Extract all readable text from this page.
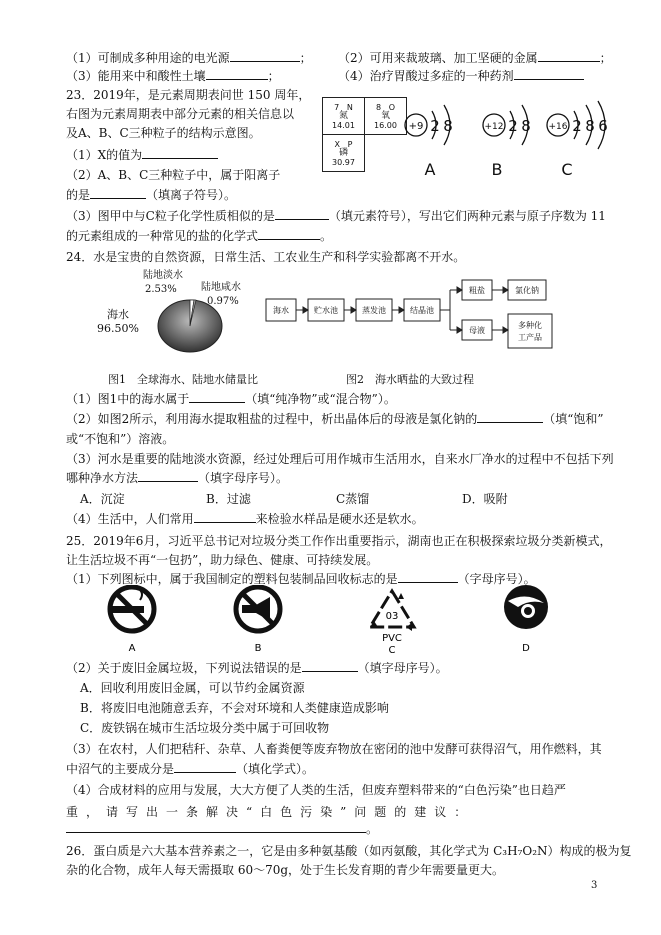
（1）可制成多种用途的电光源	； （2）可用来裁玻璃、加工坚硬的金属	；
（3）能用来中和酸性土壤	；	（4）治疗胃酸过多症的一种药剂
23．2019年，是元素周期表问世 150 周年，
右图为元素周期表中部分元素的相关信息以
及A、B、C三种粒子的结构示意图。
（1）X的值为
（2）A、B、C三种粒子中，属于阳离子
的是	（填离子符号）。
（3）图甲中与C粒子化学性质相似的是	（填元素符号），写出它们两种元素与原子序数为 11
的元素组成的一种常见的盐的化学式	。
7 N
氮
14.01
8 O
氧
16.00
X P
磷
30.97
+9 2 8
A
+12 2 8
B
+16 2 8 6
C
24．水是宝贵的自然资源，日常生活、工农业生产和科学实验都离不开水。
陆地淡水
2.53% 陆地咸水
0.97%
海水
96.50%
海水	贮水池	蒸发池	结晶池
粗盐	氯化钠
母液
多种化
工产品
图1　全球海水、陆地水储量比	图2　海水晒盐的大致过程
（1）图1中的海水属于	（填“纯净物”或“混合物”）。
（2）如图2所示，利用海水提取粗盐的过程中，析出晶体后的母液是氯化钠的	（填“饱和”
或“不饱和”）溶液。
（3）河水是重要的陆地淡水资源，经过处理后可用作城市生活用水，自来水厂净水的过程中不包括下列
哪种净水方法	（填字母序号）。
A．沉淀	B．过滤	C蒸馏	D．吸附
（4）生活中，人们常用	来检验水样品是硬水还是软水。
25．2019年6月，习近平总书记对垃圾分类工作作出重要指示，湖南也正在积极探索垃圾分类新模式，
让生活垃圾不再“一包扔”，助力绿色、健康、可持续发展。
（1）下列图标中，属于我国制定的塑料包装制品回收标志的是	（字母序号）。
A	B
03
PVC
C	D
（2）关于废旧金属垃圾，下列说法错误的是	（填字母序号）。
A．回收利用废旧金属，可以节约金属资源
B．将废旧电池随意丢弃，不会对环境和人类健康造成影响
C．废铁锅在城市生活垃圾分类中属于可回收物
（3）在农村，人们把秸秆、杂草、人畜粪便等废弃物放在密闭的池中发酵可获得沼气，用作燃料，其
中沼气的主要成分是	（填化学式）。
（4）合成材料的应用与发展，大大方便了人类的生活，但废弃塑料带来的“白色污染”也日趋严
重，请写出一条解决“白色污染”问题的建议：
。
26．蛋白质是六大基本营养素之一，它是由多种氨基酸（如丙氨酸，其化学式为 C₃H₇O₂N）构成的极为复
杂的化合物，成年人每天需摄取 60～70g，处于生长发育期的青少年需要量更大。
3
